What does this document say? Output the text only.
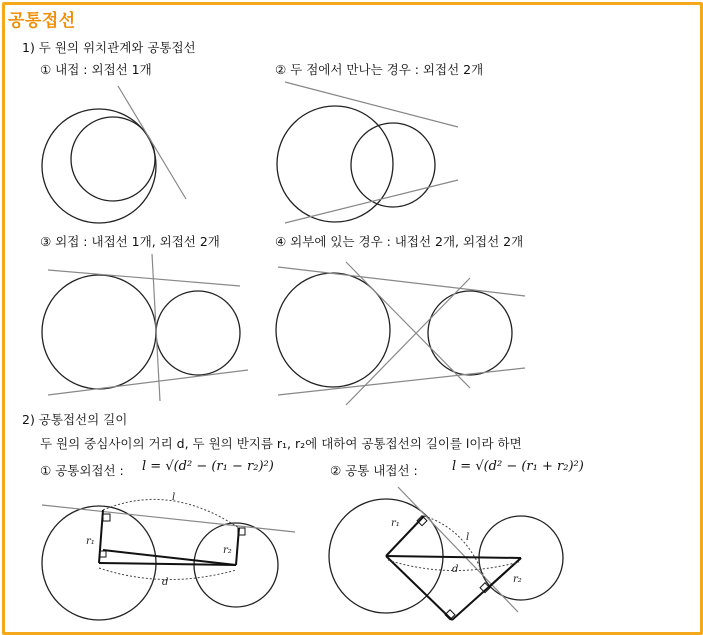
공통접선
1) 두 원의 위치관계와 공통접선
① 내접 : 외접선 1개	② 두 점에서 만나는 경우 : 외접선 2개
③ 외접 : 내접선 1개, 외접선 2개	④ 외부에 있는 경우 : 내접선 2개, 외접선 2개
2) 공통접선의 길이
두 원의 중심사이의 거리 d, 두 원의 반지름 r₁, r₂에 대하여 공통접선의 길이를 l이라 하면
① 공통외접선 : l = √(d² − (r₁ − r₂)²)	② 공통 내접선 :	l = √(d² − (r₁ + r₂)²)
l
d
r₁
r₂
l
d
r₁
r₂
